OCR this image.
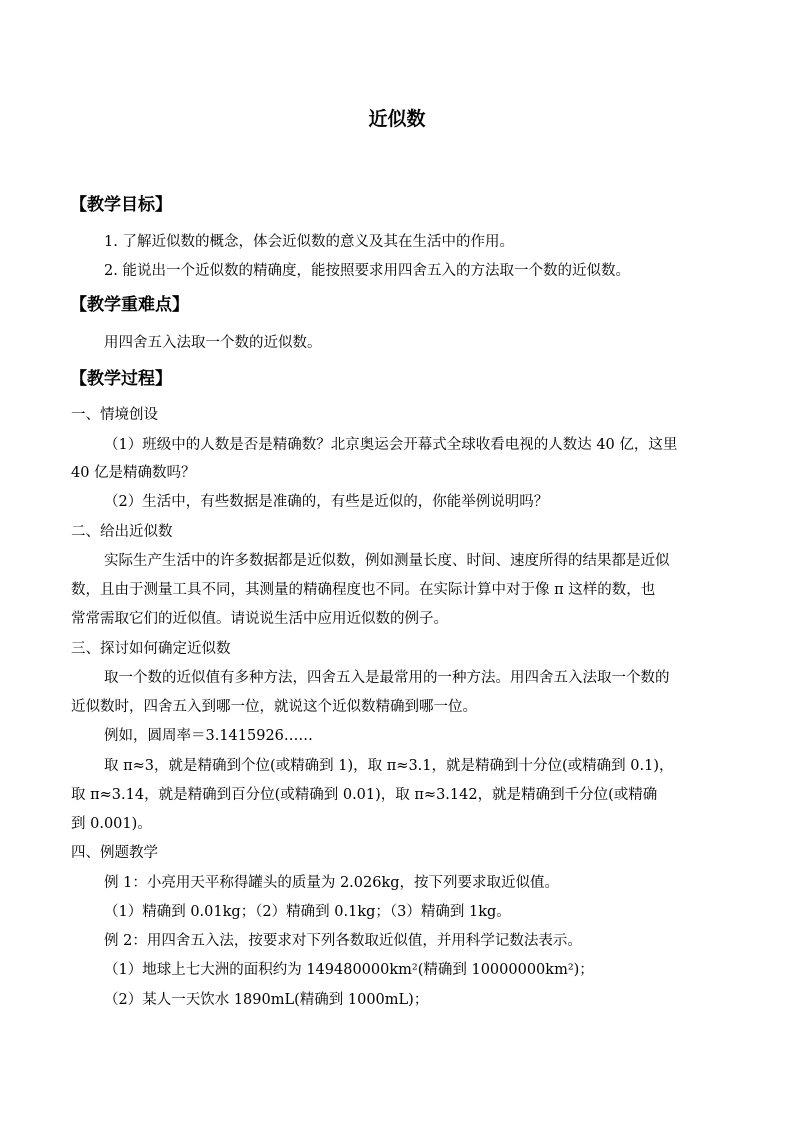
近似数
【教学目标】
1. 了解近似数的概念，体会近似数的意义及其在生活中的作用。
2. 能说出一个近似数的精确度，能按照要求用四舍五入的方法取一个数的近似数。
【教学重难点】
用四舍五入法取一个数的近似数。
【教学过程】
一、情境创设
（1）班级中的人数是否是精确数？北京奥运会开幕式全球收看电视的人数达 40 亿，这里
40 亿是精确数吗？
（2）生活中，有些数据是准确的，有些是近似的，你能举例说明吗？
二、给出近似数
实际生产生活中的许多数据都是近似数，例如测量长度、时间、速度所得的结果都是近似
数，且由于测量工具不同，其测量的精确程度也不同。在实际计算中对于像 π 这样的数，也
常常需取它们的近似值。请说说生活中应用近似数的例子。
三、探讨如何确定近似数
取一个数的近似值有多种方法，四舍五入是最常用的一种方法。用四舍五入法取一个数的
近似数时，四舍五入到哪一位，就说这个近似数精确到哪一位。
例如，圆周率＝3.1415926……
取 π≈3，就是精确到个位(或精确到 1)，取 π≈3.1，就是精确到十分位(或精确到 0.1)，
取 π≈3.14，就是精确到百分位(或精确到 0.01)，取 π≈3.142，就是精确到千分位(或精确
到 0.001)。
四、例题教学
例 1：小亮用天平称得罐头的质量为 2.026kg，按下列要求取近似值。
（1）精确到 0.01kg；（2）精确到 0.1kg；（3）精确到 1kg。
例 2：用四舍五入法，按要求对下列各数取近似值，并用科学记数法表示。
（1）地球上七大洲的面积约为 149480000km²(精确到 10000000km²)；
（2）某人一天饮水 1890mL(精确到 1000mL)；
